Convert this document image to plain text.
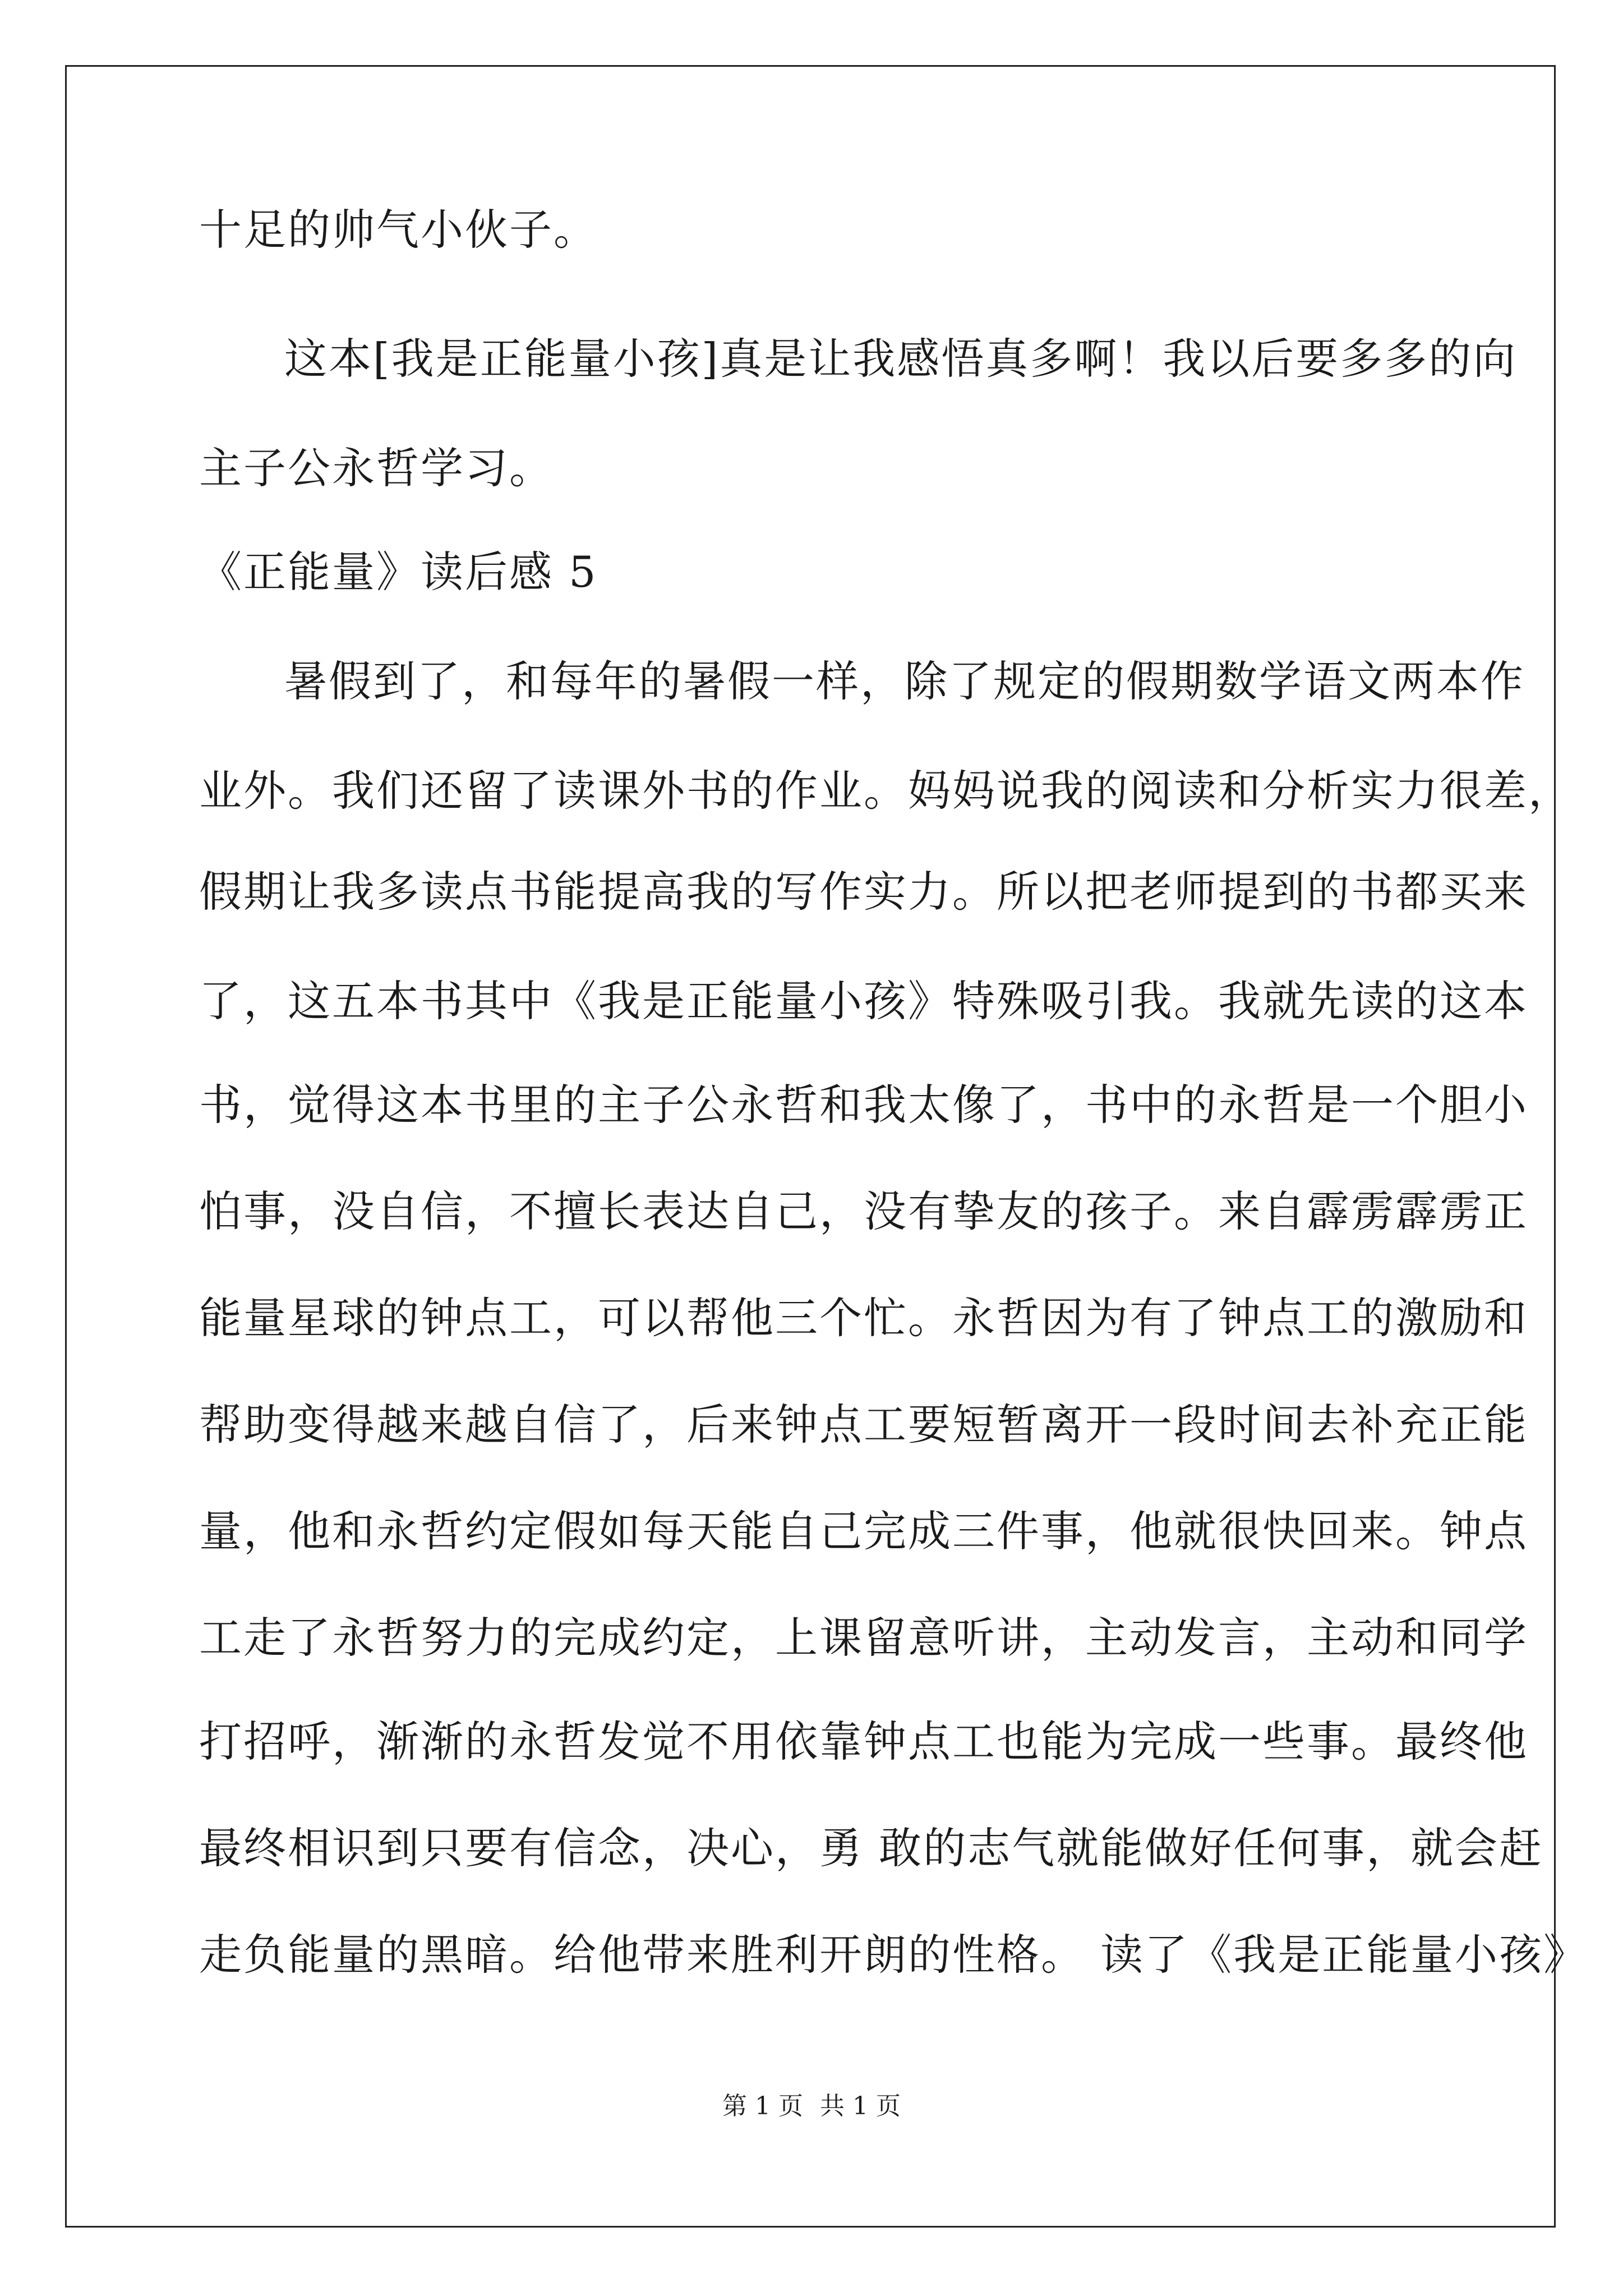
十足的帅气小伙子。
这本[我是正能量小孩]真是让我感悟真多啊！我以后要多多的向
主子公永哲学习。
《正能量》读后感 5
暑假到了，和每年的暑假一样，除了规定的假期数学语文两本作
业外。我们还留了读课外书的作业。妈妈说我的阅读和分析实力很差，
假期让我多读点书能提高我的写作实力。所以把老师提到的书都买来
了，这五本书其中《我是正能量小孩》特殊吸引我。我就先读的这本
书，觉得这本书里的主子公永哲和我太像了，书中的永哲是一个胆小
怕事，没自信，不擅长表达自己，没有挚友的孩子。来自霹雳霹雳正
能量星球的钟点工，可以帮他三个忙。永哲因为有了钟点工的激励和
帮助变得越来越自信了，后来钟点工要短暂离开一段时间去补充正能
量，他和永哲约定假如每天能自己完成三件事，他就很快回来。钟点
工走了永哲努力的完成约定，上课留意听讲，主动发言，主动和同学
打招呼，渐渐的永哲发觉不用依靠钟点工也能为完成一些事。最终他
最终相识到只要有信念，决心，勇 敢的志气就能做好任何事，就会赶
走负能量的黑暗。给他带来胜利开朗的性格。 读了《我是正能量小孩》
第 1 页 共 1 页
